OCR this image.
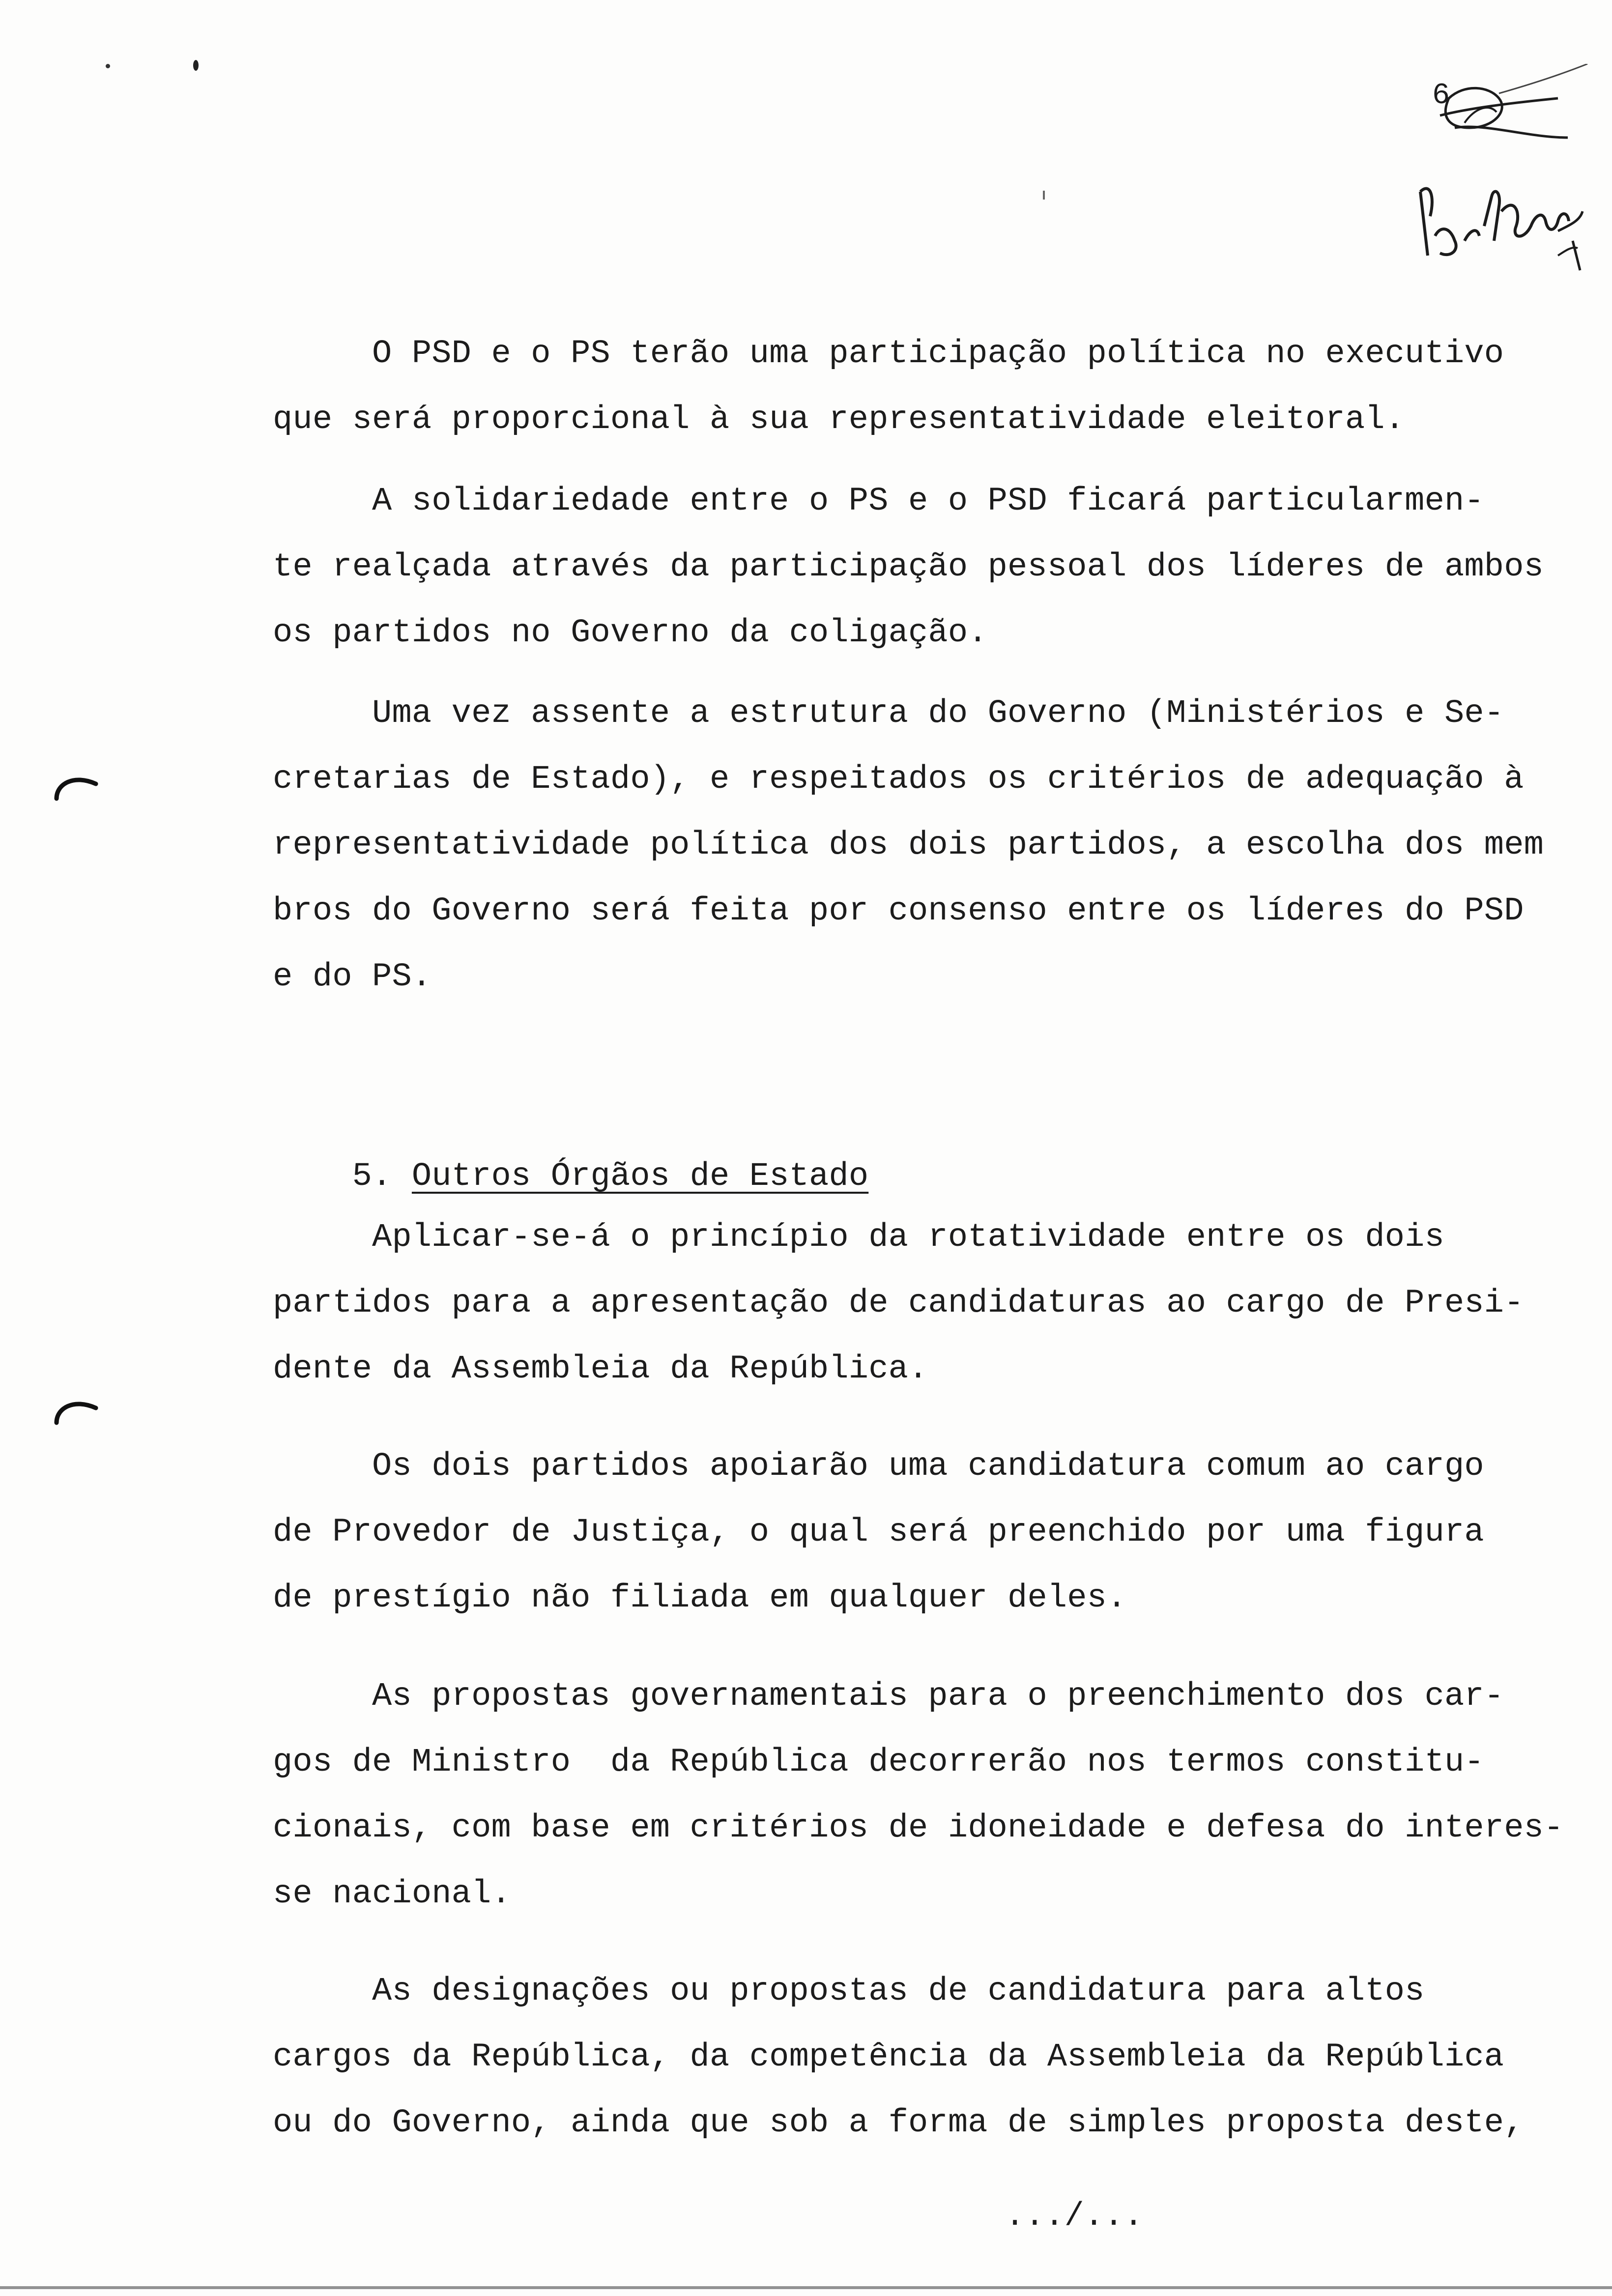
6
O PSD e o PS terão uma participação política no executivo
que será proporcional à sua representatividade eleitoral.
A solidariedade entre o PS e o PSD ficará particularmen-
te realçada através da participação pessoal dos líderes de ambos
os partidos no Governo da coligação.
Uma vez assente a estrutura do Governo (Ministérios e Se-
cretarias de Estado), e respeitados os critérios de adequação à
representatividade política dos dois partidos, a escolha dos mem
bros do Governo será feita por consenso entre os líderes do PSD
e do PS.

5. Outros Órgãos de Estado

Aplicar-se-á o princípio da rotatividade entre os dois
partidos para a apresentação de candidaturas ao cargo de Presi-
dente da Assembleia da República.
Os dois partidos apoiarão uma candidatura comum ao cargo
de Provedor de Justiça, o qual será preenchido por uma figura
de prestígio não filiada em qualquer deles.
As propostas governamentais para o preenchimento dos car-
gos de Ministro  da República decorrerão nos termos constitu-
cionais, com base em critérios de idoneidade e defesa do interes-
se nacional.
As designações ou propostas de candidatura para altos
cargos da República, da competência da Assembleia da República
ou do Governo, ainda que sob a forma de simples proposta deste,
.../...
